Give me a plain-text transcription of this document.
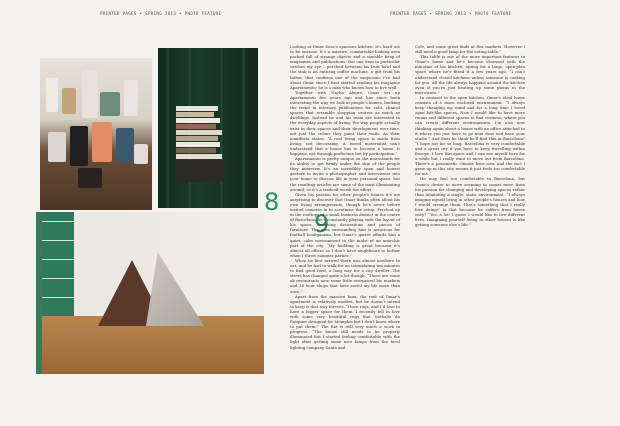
PRINTED PAGES • SPRING 2013 • PHOTO FEATURE	PRINTED PAGES • SPRING 2013 • PHOTO FEATURE
8
9

Looking at Omar Sosa’s spacious kitchen, it’s hard not to be envious. It’s a massive, comfortable-looking area packed full of strange objects and a sizeable heap of magazines and publications. But one item in particular catches my eye – perched between his fruit bowl and the sink is an enticing coffee machine, a gift from his father, that confirms one of the suspicions I’ve had about Omar since I first started reading his magazine Apartamento; he is a man who knows how to live well.

Together with Nacho Alegre, Omar set up Apartamento five years ago and has since been interesting the way we look at people’s homes, bucking the trend in interiors publications for cold, clinical spaces that resemble shopping centres as much as dwellings. Instead he and his team are interested in the everyday aspects of living, the way people actually exist in their spaces and their development over time, not just the colour they paint their walls. As their manifesto states: “A real living space is made from living, not decorating. A bored materialist can’t understand that a house has to become a home. It happens, not through perfection but by participation.”

Apartamento is pretty unique on the newsstands for its ability to get firmly under the skin of the people they interview. It’s an incredibly open and honest gesture to invite a photographer and interviewer into your home to discuss life in your personal space, but the resulting articles are some of the most illuminating around, so it’s a tradeoff worth the effort.

Given his passion for other people’s homes it’s not surprising to discover that Omar thinks often about his own living arrangements, though he’s never before invited cameras in to scrutinise the setup. Perched up in the rooftops of a small business district in the centre of Barcelona, he’s constantly playing with the layout of his space, amassing decorations and pieces of furniture. The area surrounding him is notorious for football hooliganism, but Omar’s garret affords him a quiet, calm environment in the midst of an anarchic part of the city. “My building is great because it’s almost all offices so I don’t have neighbours to bother when I throw summer parties.”

When he first arrived there was almost nowhere to eat, and he had to walk for an intimidating ten minutes to find good food, a long way for a city dweller. The street has changed quite a lot though. “There are some ok restaurants now, some little overpriced bio markets and 24 hour shops that have saved my life more than once.”

Apart from the massive hum, the rest of Omar’s apartment is relatively modest, but he doesn’t intend to keep it that way forever. “I love rugs, and I’d love to have a bigger space for them. I recently fell in love with some very beautiful rugs that Nathalie du Pasquier designed for Memphis but I don’t know where to put them!” The flat is still very much a work in progress. “The house still needs to be properly illuminated but I started feeling comfortable with the light after getting some nice lamps from the local lighting company Santa and

Cole, and some great finds at flea markets. However I still need a good lamp for the eating table.”

This table is one of the more important features in Omar’s home and he’s become obsessed with the minutiae of his kitchen, opting for a large, open-plan space where he’s fitted it a few years ago. “I can’t understand closed kitchens unless someone is cooking for you. All the life always happens around the kitchen even if you’re just heating up some pizzas in the microwave.”

In contrast to the open kitchen, Omar’s ideal home consists of a more enclosed environment. “I always keep changing my mind and for a long time I loved open loft-like spaces. Now I would like to have more rooms and different spaces to find cosiness, where you can create different environments. I’m also now thinking again about a house with an office attached to it where you just have to go next door and have your studio.” And does he think he’ll find this in Barcelona? “I hope not for so long. Barcelona is very comfortable and a great city if you have to keep travelling within Europe. I love this space and I can see myself here for a while but I really want to move out from Barcelona. There’s a pessimistic climate here now, and the fact I grew up in this city means it just feels too comfortable for me.”

He may feel too comfortable in Barcelona, but Omar’s desire to move seeming to comes more from his passion for changing and developing spaces rather than inhabiting a single, static environment. “I always imagine myself living in other people’s houses and how I would arrange them. That’s something that I really love doing!” Is that because he suffers from house envy? “Yes, a lot! I guess I would like to live different lives. Imagining yourself living in other houses is like getting someone else’s life.”
